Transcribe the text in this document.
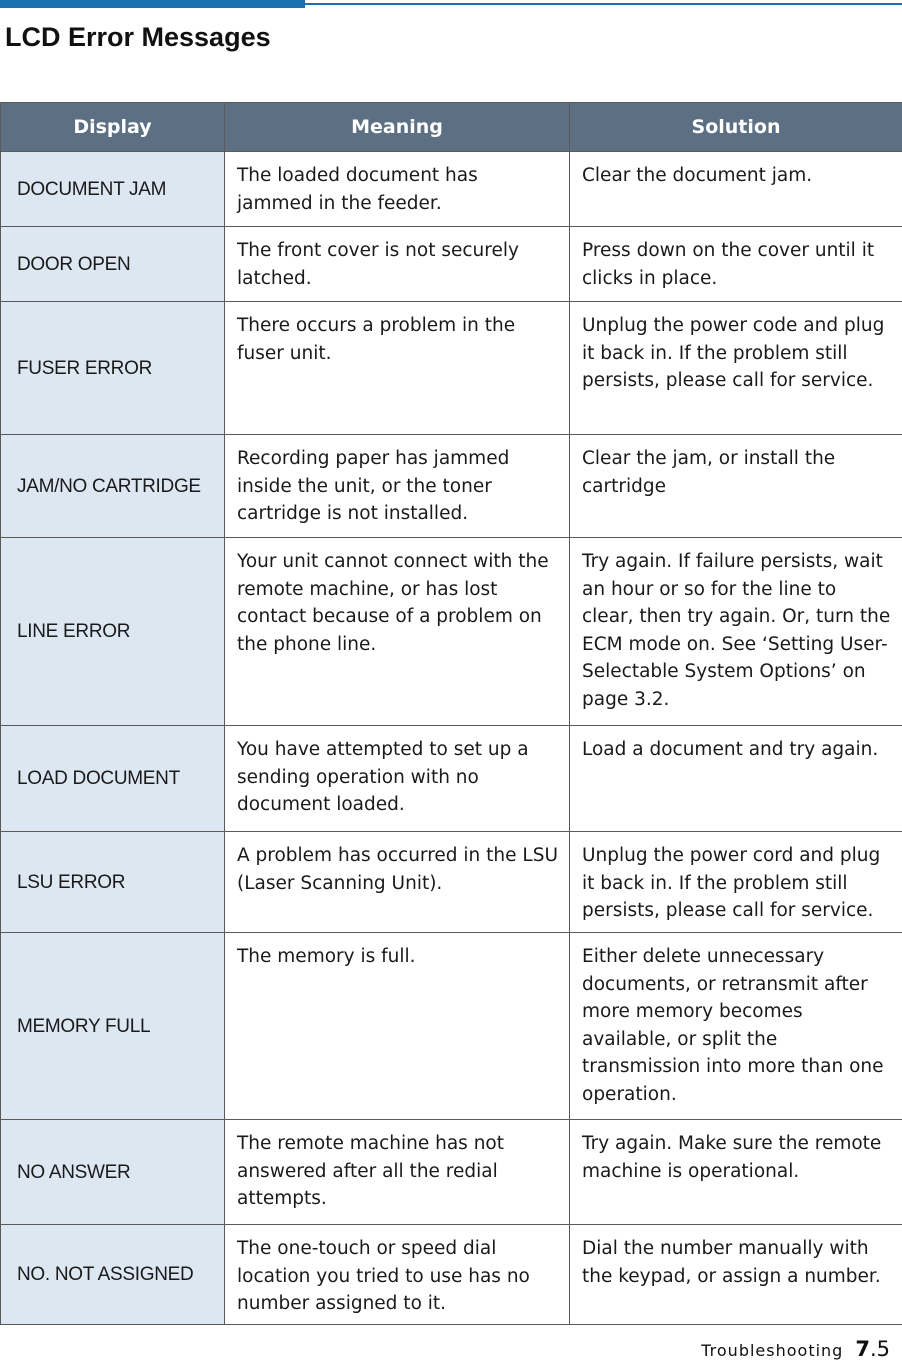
LCD Error Messages
Display	Meaning	Solution
DOCUMENT JAM	The loaded document has jammed in the feeder.	Clear the document jam.
DOOR OPEN	The front cover is not securely latched.	Press down on the cover until it clicks in place.
FUSER ERROR	There occurs a problem in the fuser unit.	Unplug the power code and plug it back in. If the problem still persists, please call for service.
JAM/NO CARTRIDGE	Recording paper has jammed inside the unit, or the toner cartridge is not installed.	Clear the jam, or install the cartridge
LINE ERROR	Your unit cannot connect with the remote machine, or has lost contact because of a problem on the phone line.	Try again. If failure persists, wait an hour or so for the line to clear, then try again. Or, turn the ECM mode on. See ‘Setting User-Selectable System Options’ on page 3.2.
LOAD DOCUMENT	You have attempted to set up a sending operation with no document loaded.	Load a document and try again.
LSU ERROR	A problem has occurred in the LSU (Laser Scanning Unit).	Unplug the power cord and plug it back in. If the problem still persists, please call for service.
MEMORY FULL	The memory is full.	Either delete unnecessary documents, or retransmit after more memory becomes available, or split the transmission into more than one operation.
NO ANSWER	The remote machine has not answered after all the redial attempts.	Try again. Make sure the remote machine is operational.
NO. NOT ASSIGNED	The one-touch or speed dial location you tried to use has no number assigned to it.	Dial the number manually with the keypad, or assign a number.
Troubleshooting 7.5
